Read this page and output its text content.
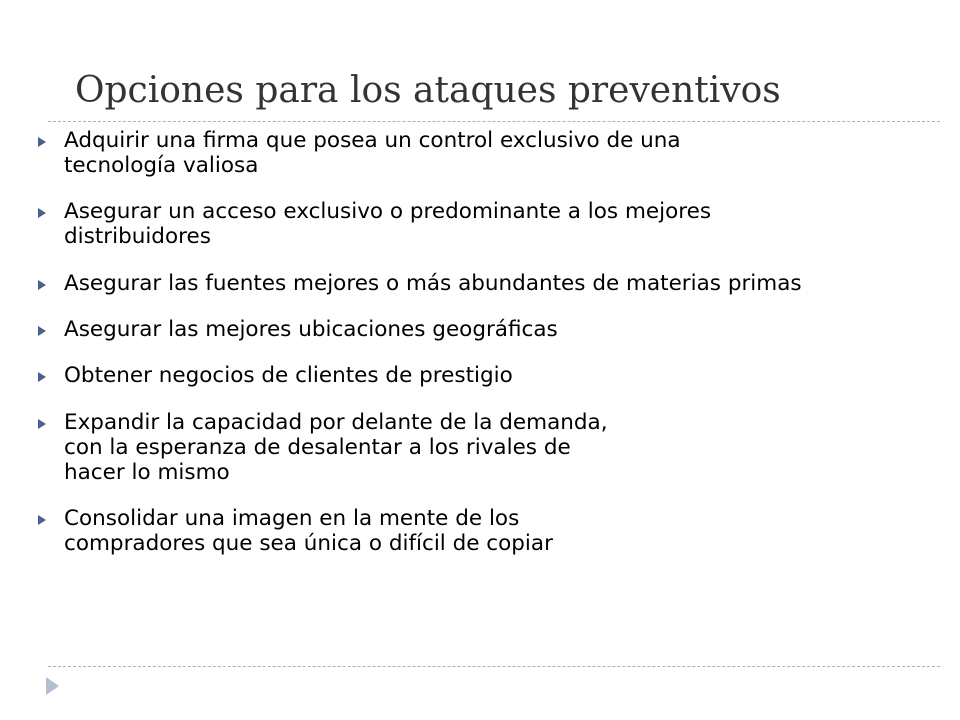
Opciones para los ataques preventivos
Adquirir una firma que posea un control exclusivo de una
tecnología valiosa
Asegurar un acceso exclusivo o predominante a los mejores
distribuidores
Asegurar las fuentes mejores o más abundantes de materias primas
Asegurar las mejores ubicaciones geográficas
Obtener negocios de clientes de prestigio
Expandir la capacidad por delante de la demanda,
con la esperanza de desalentar a los rivales de
hacer lo mismo
Consolidar una imagen en la mente de los
compradores que sea única o difícil de copiar
